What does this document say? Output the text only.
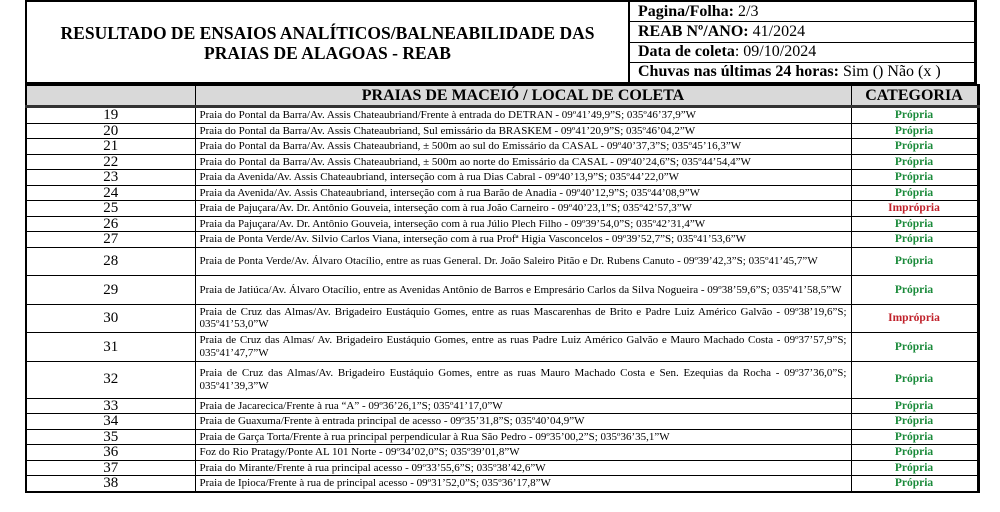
RESULTADO DE ENSAIOS ANALÍTICOS/BALNEABILIDADE DAS
PRAIAS DE ALAGOAS - REAB
Pagina/Folha: 2/3
REAB Nº/ANO: 41/2024
Data de coleta : 09/10/2024
Chuvas nas últimas 24 horas: Sim () Não (x )
	PRAIAS DE MACEIÓ / LOCAL DE COLETA	CATEGORIA
19	Praia do Pontal da Barra/Av. Assis Chateaubriand/Frente à entrada do DETRAN - 09º41’49,9”S; 035º46’37,9”W	Própria
20	Praia do Pontal da Barra/Av. Assis Chateaubriand, Sul emissário da BRASKEM - 09º41’20,9”S; 035º46’04,2”W	Própria
21	Praia do Pontal da Barra/Av. Assis Chateaubriand, ± 500m ao sul do Emissário da CASAL - 09º40’37,3”S; 035º45’16,3”W	Própria
22	Praia do Pontal da Barra/Av. Assis Chateaubriand, ± 500m ao norte do Emissário da CASAL - 09º40’24,6”S; 035º44’54,4”W	Própria
23	Praia da Avenida/Av. Assis Chateaubriand, interseção com à rua Dias Cabral - 09º40’13,9”S; 035º44’22,0”W	Própria
24	Praia da Avenida/Av. Assis Chateaubriand, interseção com à rua Barão de Anadia - 09º40’12,9”S; 035º44’08,9”W	Própria
25	Praia de Pajuçara/Av. Dr. Antônio Gouveia, interseção com à rua João Carneiro - 09º40’23,1”S; 035º42’57,3”W	Imprópria
26	Praia da Pajuçara/Av. Dr. Antônio Gouveia, interseção com à rua Júlio Plech Filho - 09º39’54,0”S; 035º42’31,4”W	Própria
27	Praia de Ponta Verde/Av. Silvio Carlos Viana, interseção com à rua Profª Higia Vasconcelos - 09º39’52,7”S; 035º41’53,6”W	Própria
28	Praia de Ponta Verde/Av. Álvaro Otacílio, entre as ruas General. Dr. João Saleiro Pitão e Dr. Rubens Canuto - 09º39’42,3”S; 035º41’45,7”W	Própria
29	Praia de Jatiúca/Av. Álvaro Otacílio, entre as Avenidas Antônio de Barros e Empresário Carlos da Silva Nogueira - 09º38’59,6”S; 035º41’58,5”W	Própria
30	Praia de Cruz das Almas/Av. Brigadeiro Eustáquio Gomes, entre as ruas Mascarenhas de Brito e Padre Luiz Américo Galvão - 09º38’19,6”S; 035º41’53,0”W	Imprópria
31	Praia de Cruz das Almas/ Av. Brigadeiro Eustáquio Gomes, entre as ruas Padre Luiz Américo Galvão e Mauro Machado Costa - 09º37’57,9”S; 035º41’47,7”W	Própria
32	Praia de Cruz das Almas/Av. Brigadeiro Eustáquio Gomes, entre as ruas Mauro Machado Costa e Sen. Ezequias da Rocha - 09º37’36,0”S; 035º41’39,3”W	Própria
33	Praia de Jacarecica/Frente à rua “A” - 09º36’26,1”S; 035º41’17,0”W	Própria
34	Praia de Guaxuma/Frente à entrada principal de acesso - 09º35’31,8”S; 035º40’04,9”W	Própria
35	Praia de Garça Torta/Frente à rua principal perpendicular à Rua São Pedro - 09º35’00,2”S; 035º36’35,1”W	Própria
36	Foz do Rio Pratagy/Ponte AL 101 Norte - 09º34’02,0”S; 035º39’01,8”W	Própria
37	Praia do Mirante/Frente à rua principal acesso - 09º33’55,6”S; 035º38’42,6”W	Própria
38	Praia de Ipioca/Frente à rua de principal acesso - 09º31’52,0”S; 035º36’17,8”W	Própria
